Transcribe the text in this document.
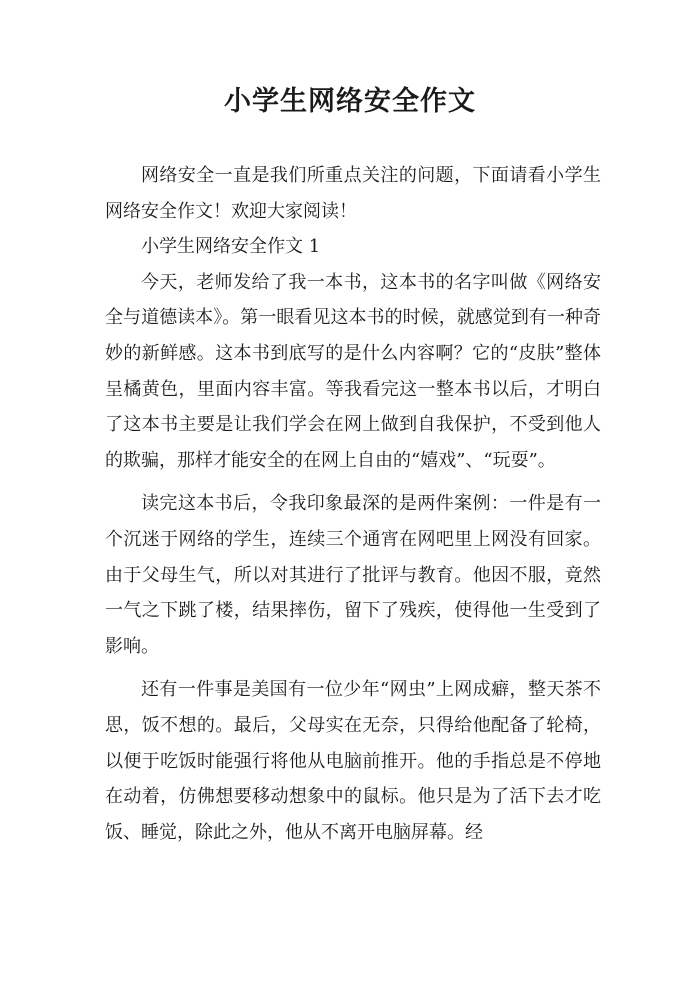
小学生网络安全作文

网络安全一直是我们所重点关注的问题，下面请看小学生网络安全作文！欢迎大家阅读！

小学生网络安全作文 1

今天，老师发给了我一本书，这本书的名字叫做《网络安全与道德读本》。第一眼看见这本书的时候，就感觉到有一种奇妙的新鲜感。这本书到底写的是什么内容啊？它的“皮肤”整体呈橘黄色，里面内容丰富。等我看完这一整本书以后，才明白了这本书主要是让我们学会在网上做到自我保护，不受到他人的欺骗，那样才能安全的在网上自由的“嬉戏”、“玩耍”。

读完这本书后，令我印象最深的是两件案例：一件是有一个沉迷于网络的学生，连续三个通宵在网吧里上网没有回家。由于父母生气，所以对其进行了批评与教育。他因不服，竟然一气之下跳了楼，结果摔伤，留下了残疾，使得他一生受到了影响。

还有一件事是美国有一位少年“网虫”上网成癖，整天茶不思，饭不想的。最后，父母实在无奈，只得给他配备了轮椅，以便于吃饭时能强行将他从电脑前推开。他的手指总是不停地在动着，仿佛想要移动想象中的鼠标。他只是为了活下去才吃饭、睡觉，除此之外，他从不离开电脑屏幕。经
